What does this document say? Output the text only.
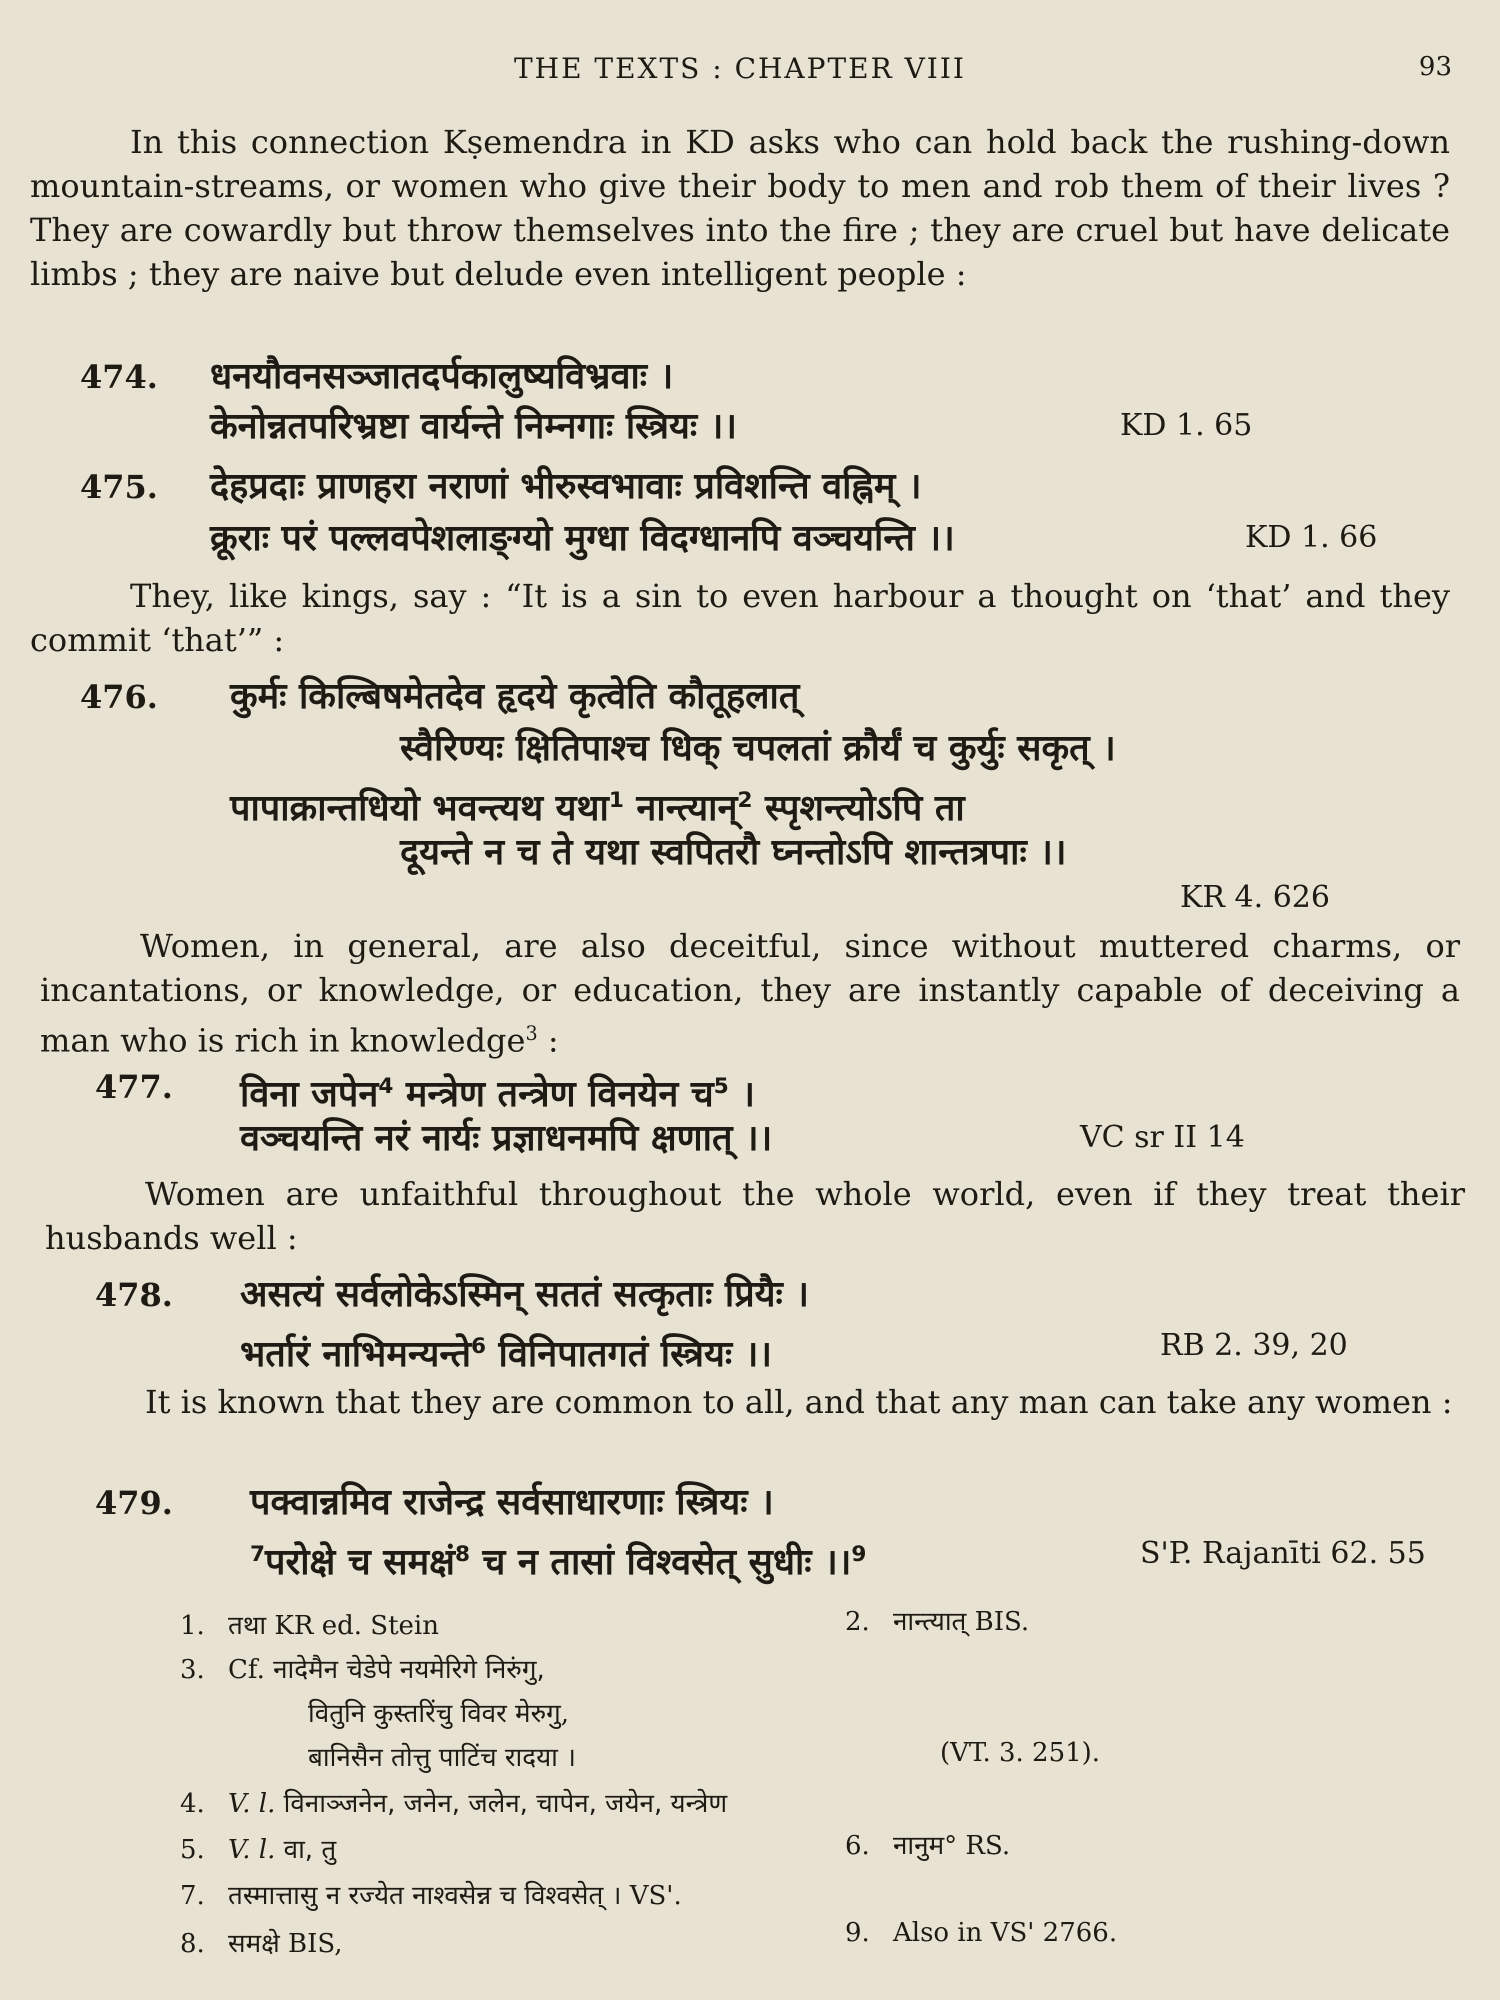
THE TEXTS : CHAPTER VIII	93
In this connection Kṣemendra in KD asks who can hold back the rushing-down mountain-streams, or women who give their body to men and rob them of their lives ? They are cowardly but throw themselves into the fire ; they are cruel but have delicate limbs ; they are naive but delude even intelligent people :
474. धनयौवनसञ्जातदर्पकालुष्यविभ्रवाः ।
केनोन्नतपरिभ्रष्टा वार्यन्ते निम्नगाः स्त्रियः ।।	KD 1. 65
475. देहप्रदाः प्राणहरा नराणां भीरुस्वभावाः प्रविशन्ति वह्निम् ।
क्रूराः परं पल्लवपेशलाङ्ग्यो मुग्धा विदग्धानपि वञ्चयन्ति ।।	KD 1. 66
They, like kings, say : “It is a sin to even harbour a thought on ‘that’ and they commit ‘that’” :
476. कुर्मः किल्बिषमेतदेव हृदये कृत्वेति कौतूहलात्
स्वैरिण्यः क्षितिपाश्च धिक् चपलतां क्रौर्यं च कुर्युः सकृत् ।
पापाक्रान्तधियो भवन्त्यथ यथा$^1$ नान्त्यान्$^2$ स्पृशन्त्योऽपि ता
दूयन्ते न च ते यथा स्वपितरौ घ्नन्तोऽपि शान्तत्रपाः ।।
KR 4. 626
Women, in general, are also deceitful, since without muttered charms, or incantations, or knowledge, or education, they are instantly capable of deceiving a man who is rich in knowledge$^3$ :
477. विना जपेन$^4$ मन्त्रेण तन्त्रेण विनयेन च$^5$ ।
वञ्चयन्ति नरं नार्यः प्रज्ञाधनमपि क्षणात् ।।	VC sr II 14
Women are unfaithful throughout the whole world, even if they treat their husbands well :
478. असत्यं सर्वलोकेऽस्मिन् सततं सत्कृताः प्रियैः ।
भर्तारं नाभिमन्यन्ते$^6$ विनिपातगतं स्त्रियः ।।	RB 2. 39, 20
It is known that they are common to all, and that any man can take any women :
479. पक्वान्नमिव राजेन्द्र सर्वसाधारणाः स्त्रियः ।
$^7$परोक्षे च समक्षं$^8$ च न तासां विश्वसेत् सुधीः ।।$^9$	S'P. Rajanīti 62. 55
1. तथा KR ed. Stein	2. नान्त्यात् BIS.
3. Cf. नादेमैन चेडेपे नयमेरिगे निरुंगु,
वितुनि कुस्तरिंचु विवर मेरुगु,
बानिसैन तोत्तु पाटिंच रादया ।	(VT. 3. 251).
4. V. l. विनाञ्जनेन, जनेन, जलेन, चापेन, जयेन, यन्त्रेण
5. V. l. वा, तु	6. नानुम° RS.
7. तस्मात्तासु न रज्येत नाश्वसेन्न च विश्वसेत् । VS'.
8. समक्षे BIS,	9. Also in VS' 2766.
